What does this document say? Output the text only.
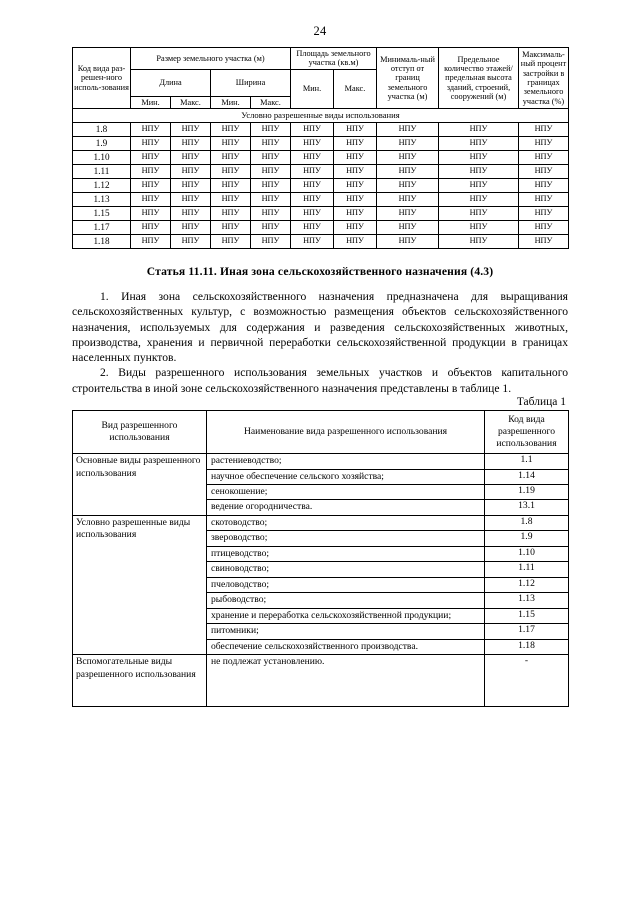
24
Код вида раз-решен-ного исполь-зования	Размер земельного участка (м)				Площадь земельного участка (кв.м)		Минималь-ный отступ от границ земельного участка (м)	Предельное количество этажей/ предельная высота зданий, строений, сооружений (м)	Максималь-ный процент застройки в границах земельного участка (%)
	Длина		Ширина		Мин.	Макс.			
	Мин.	Макс.	Мин.	Макс.					
Условно разрешенные виды использования									
1.8	НПУ	НПУ	НПУ	НПУ	НПУ	НПУ	НПУ	НПУ	НПУ
1.9	НПУ	НПУ	НПУ	НПУ	НПУ	НПУ	НПУ	НПУ	НПУ
1.10	НПУ	НПУ	НПУ	НПУ	НПУ	НПУ	НПУ	НПУ	НПУ
1.11	НПУ	НПУ	НПУ	НПУ	НПУ	НПУ	НПУ	НПУ	НПУ
1.12	НПУ	НПУ	НПУ	НПУ	НПУ	НПУ	НПУ	НПУ	НПУ
1.13	НПУ	НПУ	НПУ	НПУ	НПУ	НПУ	НПУ	НПУ	НПУ
1.15	НПУ	НПУ	НПУ	НПУ	НПУ	НПУ	НПУ	НПУ	НПУ
1.17	НПУ	НПУ	НПУ	НПУ	НПУ	НПУ	НПУ	НПУ	НПУ
1.18	НПУ	НПУ	НПУ	НПУ	НПУ	НПУ	НПУ	НПУ	НПУ
Статья 11.11. Иная зона сельскохозяйственного назначения (4.3)

1. Иная зона сельскохозяйственного назначения предназначена для выращивания сельскохозяйственных культур, с возможностью размещения объектов сельскохозяйственного назначения, используемых для содержания и разведения сельскохозяйственных животных, производства, хранения и первичной переработки сельскохозяйственной продукции в границах населенных пунктов.

2. Виды разрешенного использования земельных участков и объектов капитального строительства в иной зоне сельскохозяйственного назначения представлены в таблице 1.

Таблица 1
Вид разрешенного использования	Наименование вида разрешенного использования	Код вида разрешенного использования
Основные виды разрешенного использования	растениеводство;	1.1
	научное обеспечение сельского хозяйства;	1.14
	сенокошение;	1.19
	ведение огородничества.	13.1
Условно разрешенные виды использования	скотоводство;	1.8
	звероводство;	1.9
	птицеводство;	1.10
	свиноводство;	1.11
	пчеловодство;	1.12
	рыбоводство;	1.13
	хранение и переработка сельскохозяйственной продукции;	1.15
	питомники;	1.17
	обеспечение сельскохозяйственного производства.	1.18
Вспомогательные виды разрешенного использования	не подлежат установлению.	-
